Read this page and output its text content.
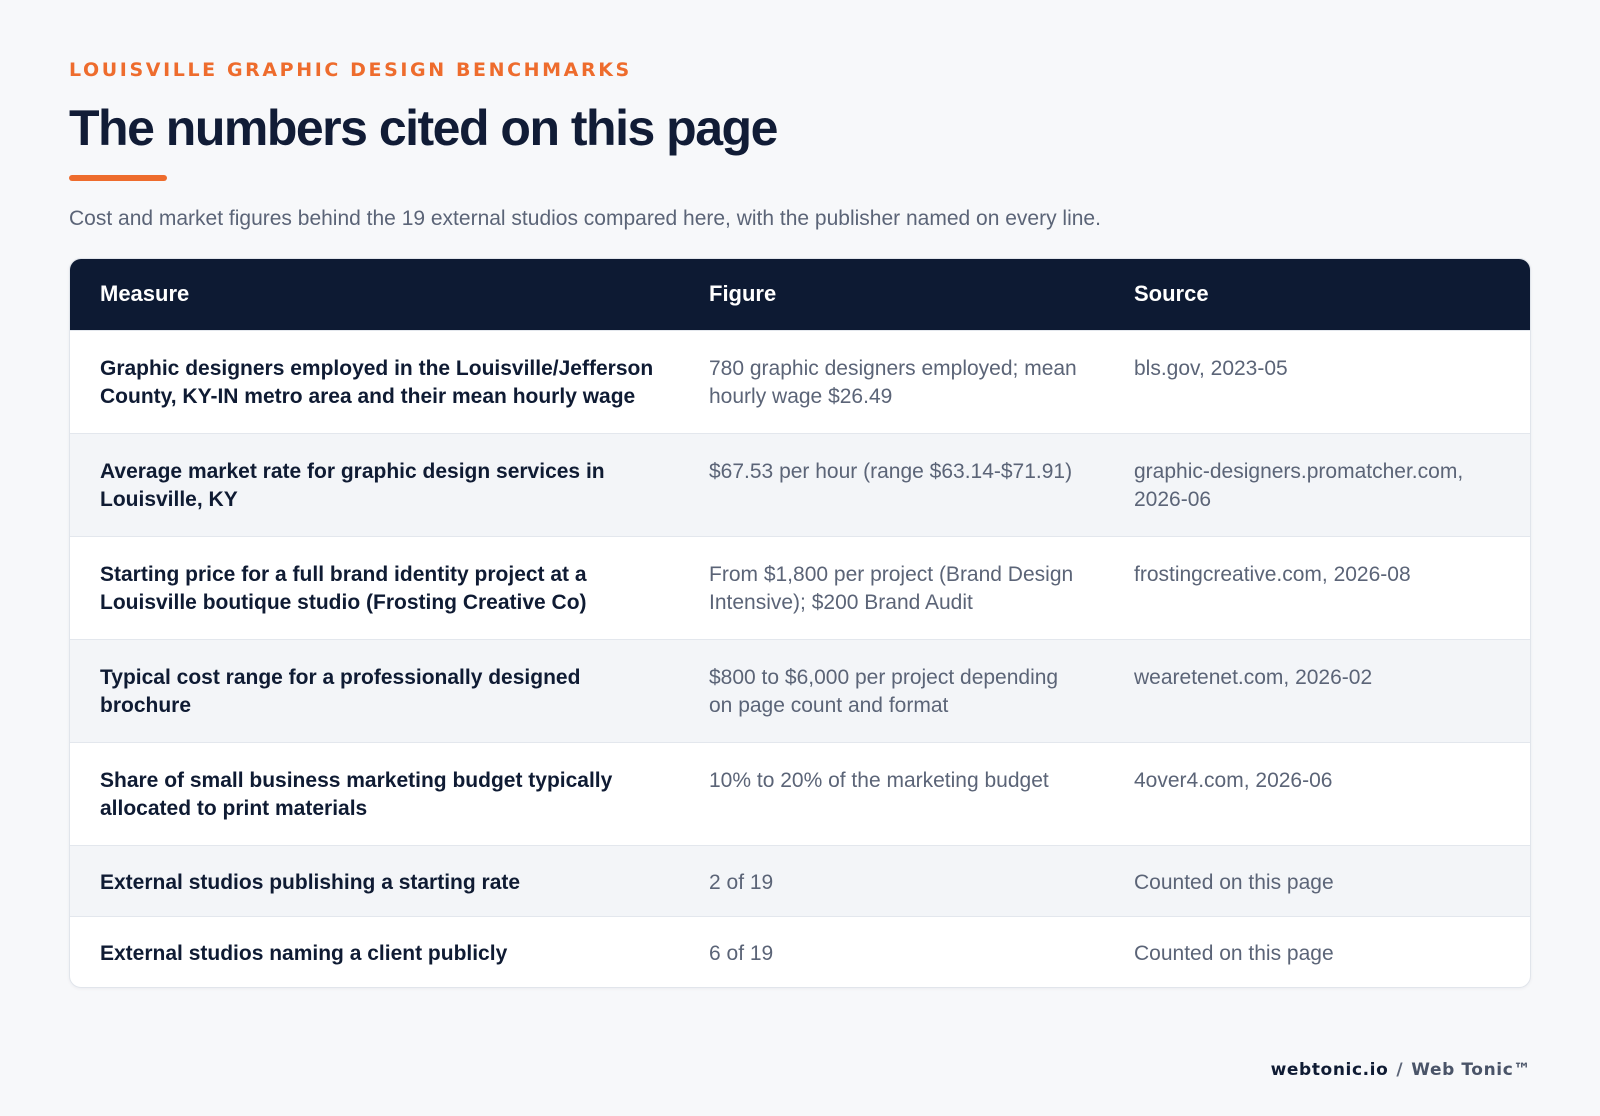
LOUISVILLE GRAPHIC DESIGN BENCHMARKS

The numbers cited on this page

Cost and market figures behind the 19 external studios compared here, with the publisher named on every line.

Measure	Figure	Source
Graphic designers employed in the Louisville/Jefferson County, KY-IN metro area and their mean hourly wage	780 graphic designers employed; mean hourly wage $26.49	bls.gov, 2023-05
Average market rate for graphic design services in Louisville, KY	$67.53 per hour (range $63.14-$71.91)	graphic-designers.promatcher.com, 2026-06
Starting price for a full brand identity project at a Louisville boutique studio (Frosting Creative Co)	From $1,800 per project (Brand Design Intensive); $200 Brand Audit	frostingcreative.com, 2026-08
Typical cost range for a professionally designed brochure	$800 to $6,000 per project depending on page count and format	wearetenet.com, 2026-02
Share of small business marketing budget typically allocated to print materials	10% to 20% of the marketing budget	4over4.com, 2026-06
External studios publishing a starting rate	2 of 19	Counted on this page
External studios naming a client publicly	6 of 19	Counted on this page
webtonic.io / Web Tonic™
